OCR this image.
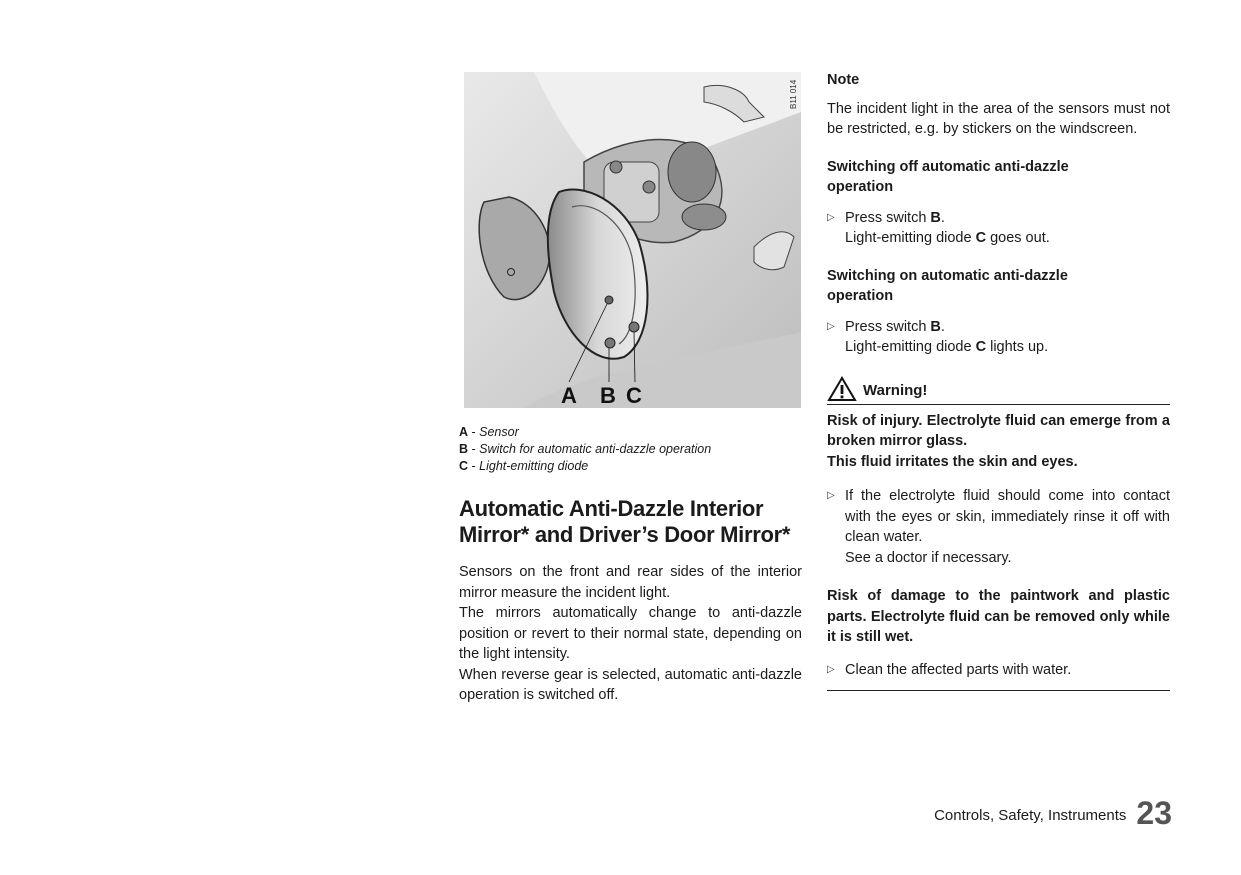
A B C
B11 014
A - Sensor
B - Switch for automatic anti-dazzle operation
C - Light-emitting diode
Automatic Anti-Dazzle Interior
Mirror* and Driver’s Door Mirror*

Sensors on the front and rear sides of the interior mirror measure the incident light.

The mirrors automatically change to anti-dazzle position or revert to their normal state, depending on the light intensity.

When reverse gear is selected, automatic anti-dazzle operation is switched off.

Note

The incident light in the area of the sensors must not be restricted, e.g. by stickers on the windscreen.

Switching off automatic anti-dazzle operation
▷ Press switch B.
Light-emitting diode C goes out.
Switching on automatic anti-dazzle operation
▷ Press switch B.
Light-emitting diode C lights up.
Warning!

Risk of injury. Electrolyte fluid can emerge from a broken mirror glass.

This fluid irritates the skin and eyes.

▷ If the electrolyte fluid should come into contact with the eyes or skin, immediately rinse it off with clean water.
See a doctor if necessary.

Risk of damage to the paintwork and plastic parts. Electrolyte fluid can be removed only while it is still wet.

▷ Clean the affected parts with water.
Controls, Safety, Instruments 23
